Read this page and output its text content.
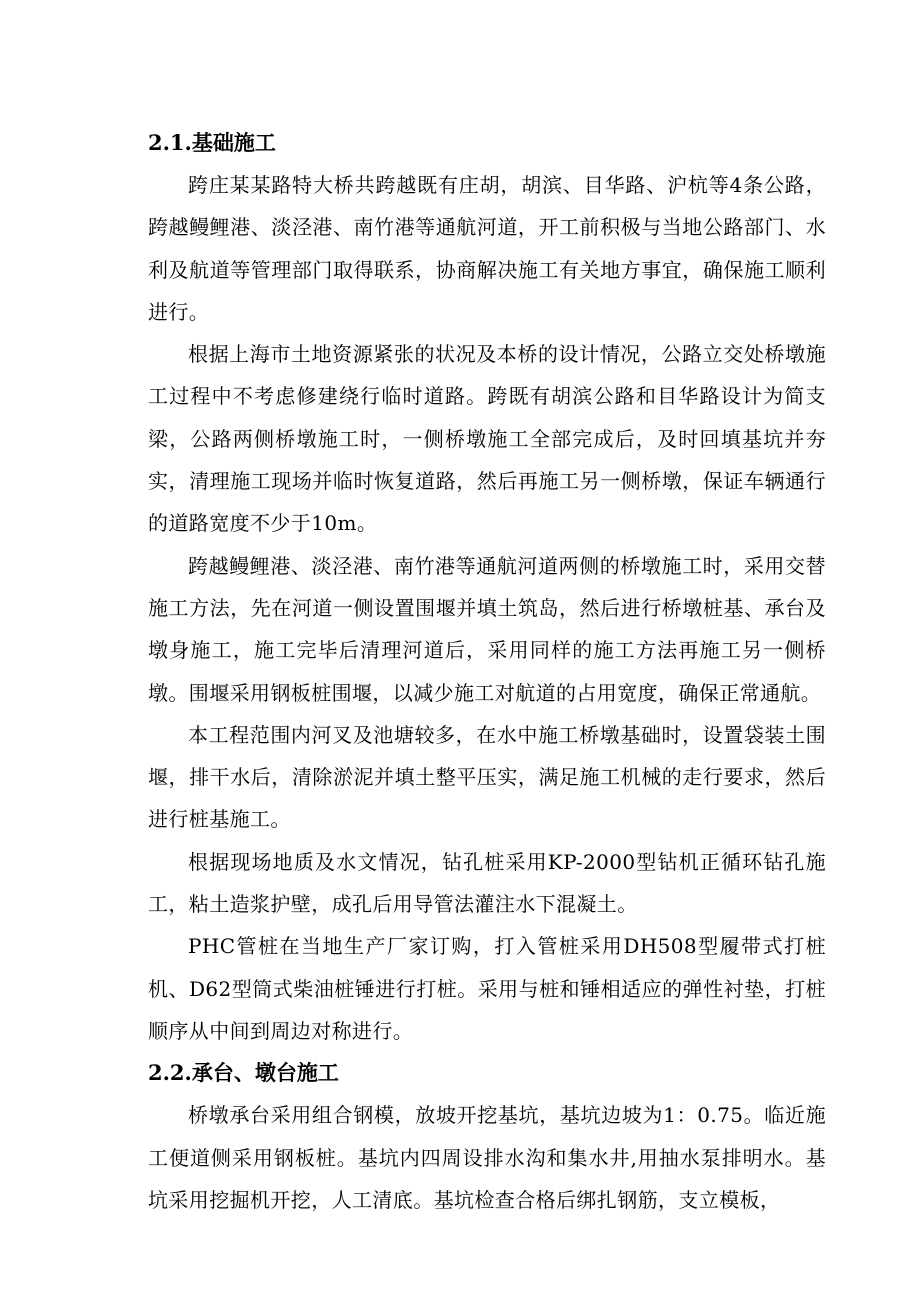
2.1.基础施工

跨庄某某路特大桥共跨越既有庄胡，胡滨、目华路、沪杭等4条公路，跨越鳗鲤港、淡泾港、南竹港等通航河道，开工前积极与当地公路部门、水利及航道等管理部门取得联系，协商解决施工有关地方事宜，确保施工顺利进行。

根据上海市土地资源紧张的状况及本桥的设计情况，公路立交处桥墩施工过程中不考虑修建绕行临时道路。跨既有胡滨公路和目华路设计为简支梁，公路两侧桥墩施工时，一侧桥墩施工全部完成后，及时回填基坑并夯实，清理施工现场并临时恢复道路，然后再施工另一侧桥墩，保证车辆通行的道路宽度不少于10m。

跨越鳗鲤港、淡泾港、南竹港等通航河道两侧的桥墩施工时，采用交替施工方法，先在河道一侧设置围堰并填土筑岛，然后进行桥墩桩基、承台及墩身施工，施工完毕后清理河道后，采用同样的施工方法再施工另一侧桥墩。围堰采用钢板桩围堰，以减少施工对航道的占用宽度，确保正常通航。

本工程范围内河叉及池塘较多，在水中施工桥墩基础时，设置袋装土围堰，排干水后，清除淤泥并填土整平压实，满足施工机械的走行要求，然后进行桩基施工。

根据现场地质及水文情况，钻孔桩采用KP-2000型钻机正循环钻孔施工，粘土造浆护壁，成孔后用导管法灌注水下混凝土。

PHC管桩在当地生产厂家订购，打入管桩采用DH508型履带式打桩机、D62型筒式柴油桩锤进行打桩。采用与桩和锤相适应的弹性衬垫，打桩顺序从中间到周边对称进行。

2.2.承台、墩台施工

桥墩承台采用组合钢模，放坡开挖基坑，基坑边坡为1：0.75。临近施工便道侧采用钢板桩。基坑内四周设排水沟和集水井,用抽水泵排明水。基坑采用挖掘机开挖，人工清底。基坑检查合格后绑扎钢筋，支立模板，
